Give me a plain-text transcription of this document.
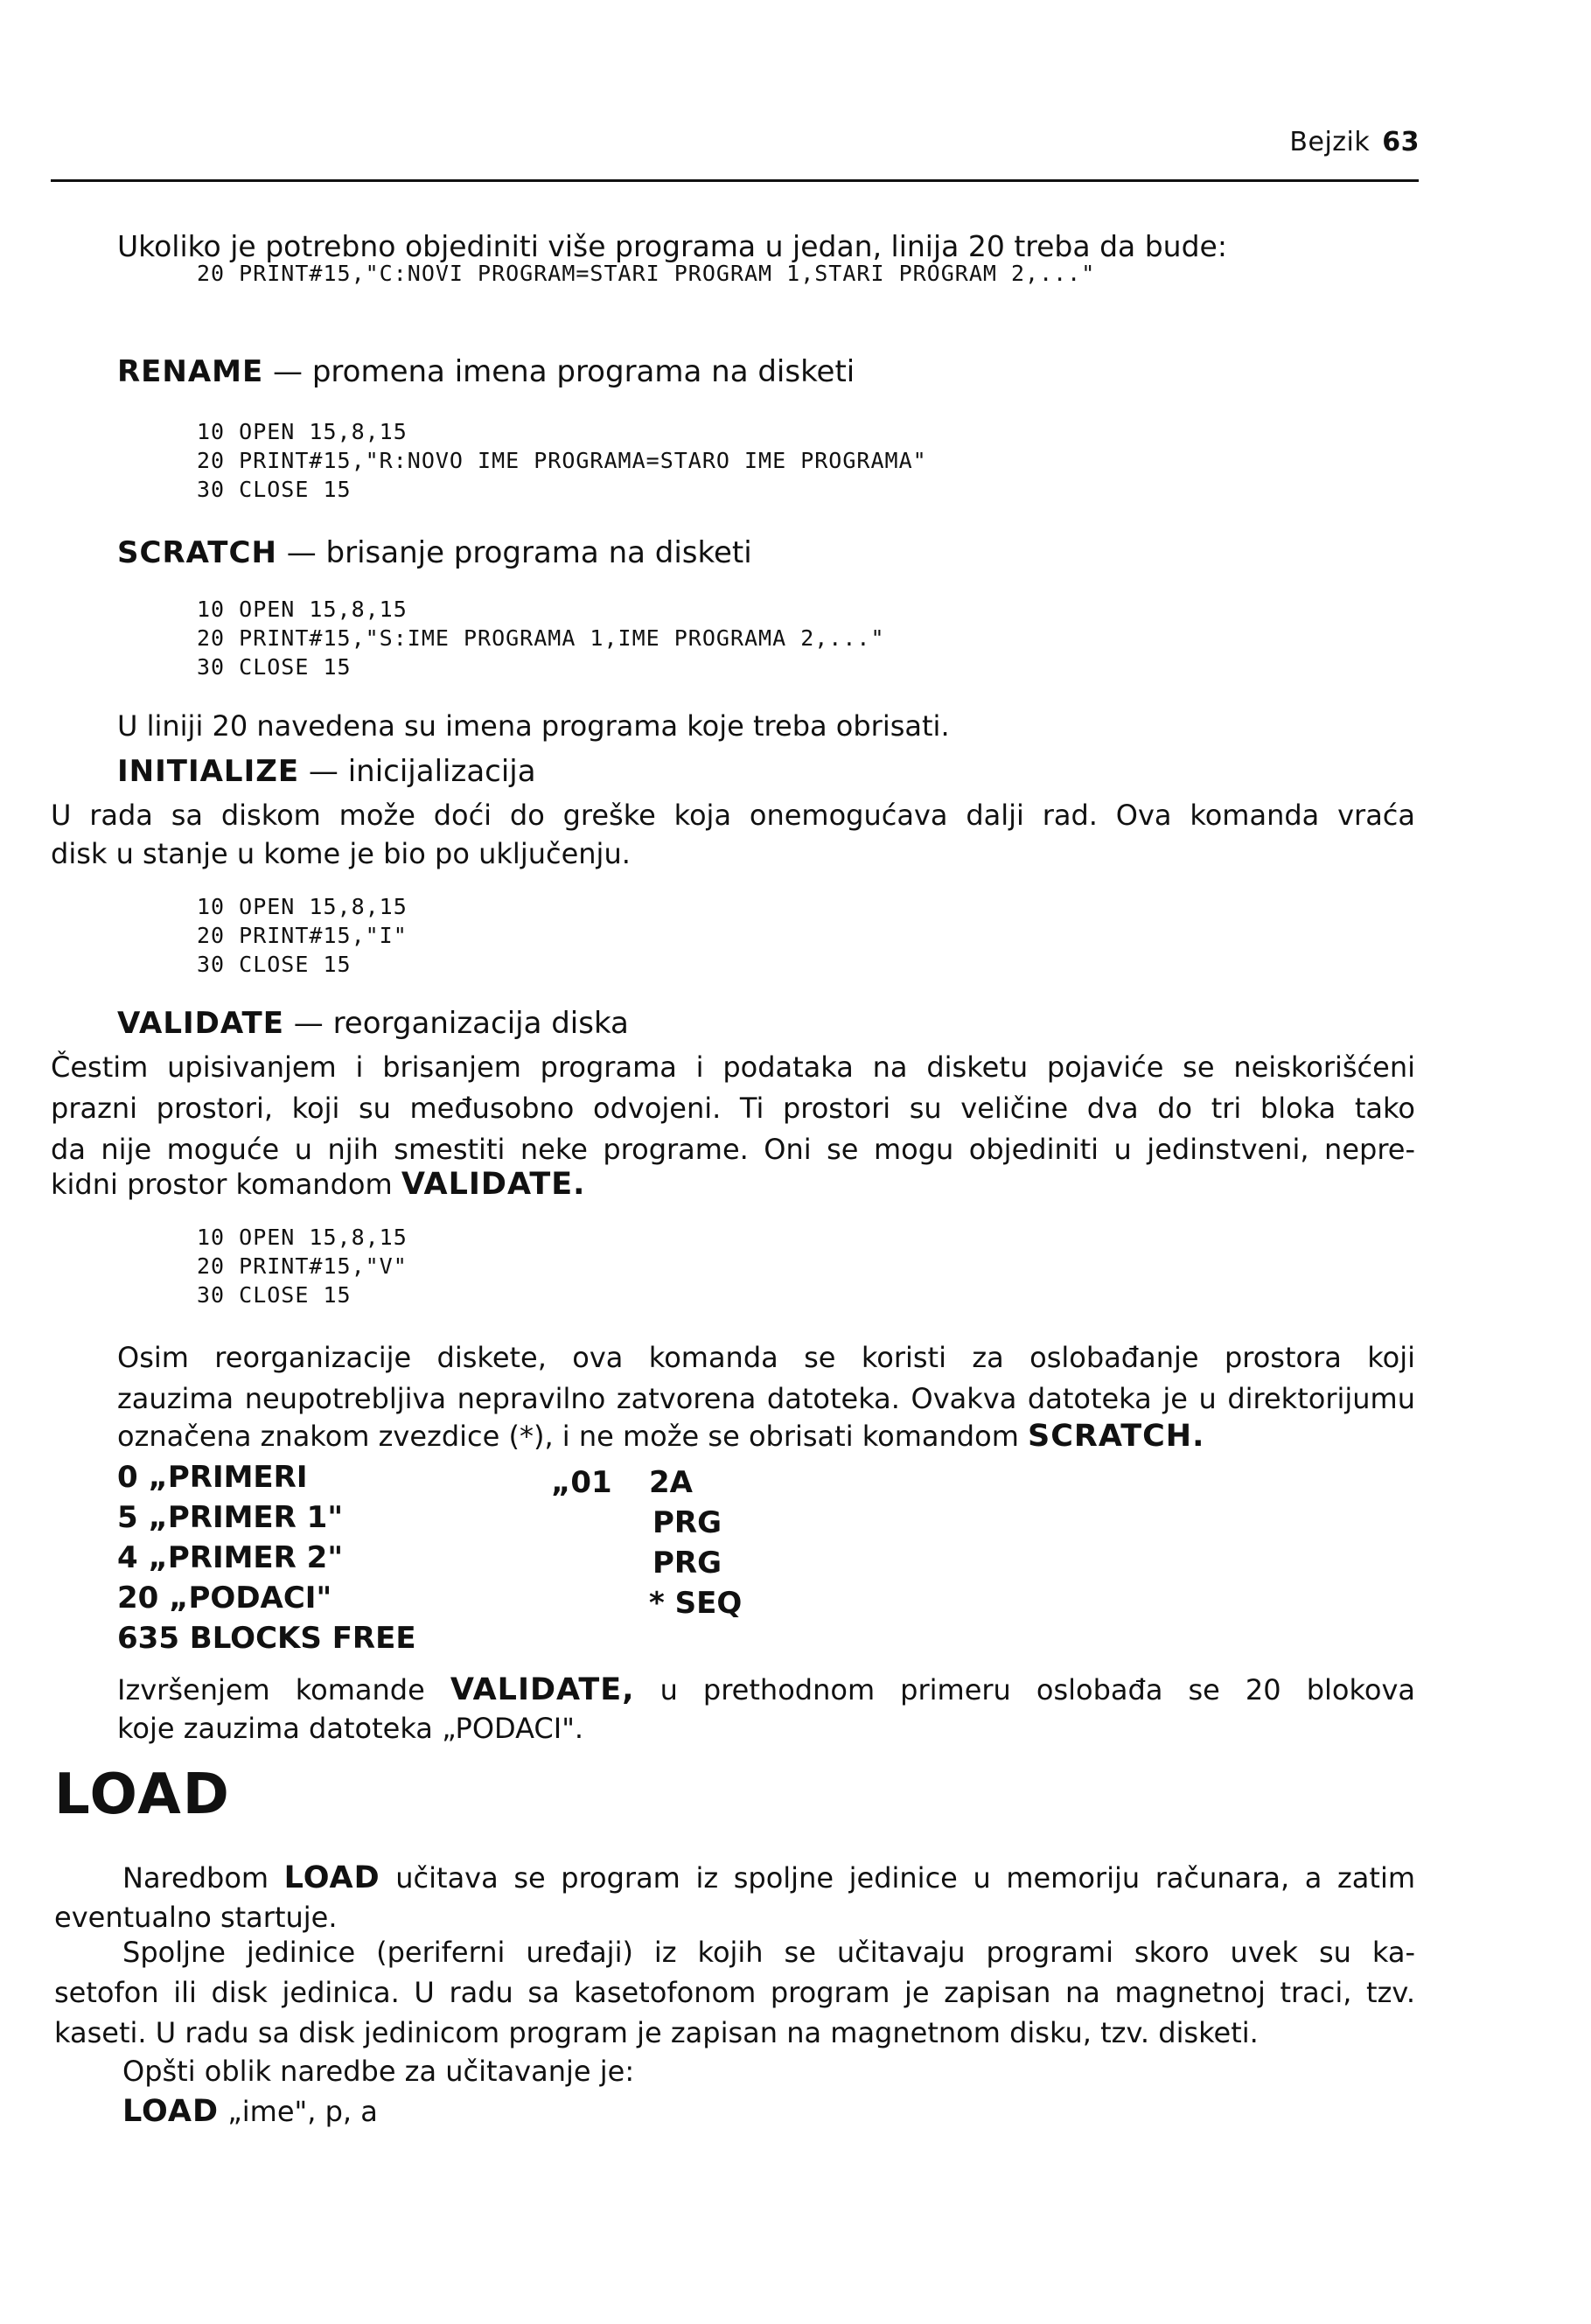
Bejzik 63
Ukoliko je potrebno objediniti više programa u jedan, linija 20 treba da bude:
20 PRINT#15,"C:NOVI PROGRAM=STARI PROGRAM 1,STARI PROGRAM 2,..."
RENAME — promena imena programa na disketi
10 OPEN 15,8,15
20 PRINT#15,"R:NOVO IME PROGRAMA=STARO IME PROGRAMA"
30 CLOSE 15
SCRATCH — brisanje programa na disketi
10 OPEN 15,8,15
20 PRINT#15,"S:IME PROGRAMA 1,IME PROGRAMA 2,..."
30 CLOSE 15
U liniji 20 navedena su imena programa koje treba obrisati.
INITIALIZE — inicijalizacija
U rada sa diskom može doći do greške koja onemogućava dalji rad. Ova komanda vraća
disk u stanje u kome je bio po uključenju.
10 OPEN 15,8,15
20 PRINT#15,"I"
30 CLOSE 15
VALIDATE — reorganizacija diska
Čestim upisivanjem i brisanjem programa i podataka na disketu pojaviće se neiskorišćeni
prazni prostori, koji su međusobno odvojeni. Ti prostori su veličine dva do tri bloka tako
da nije moguće u njih smestiti neke programe. Oni se mogu objediniti u jedinstveni, nepre-
kidni prostor komandom VALIDATE.
10 OPEN 15,8,15
20 PRINT#15,"V"
30 CLOSE 15
Osim reorganizacije diskete, ova komanda se koristi za oslobađanje prostora koji
zauzima neupotrebljiva nepravilno zatvorena datoteka. Ovakva datoteka je u direktorijumu
označena znakom zvezdice (*), i ne može se obrisati komandom SCRATCH.
0 „PRIMERI	„01 2A
5 „PRIMER 1"	PRG
4 „PRIMER 2"	PRG
20 „PODACI"	* SEQ
635 BLOCKS FREE
Izvršenjem komande VALIDATE, u prethodnom primeru oslobađa se 20 blokova
koje zauzima datoteka „PODACI".
LOAD
Naredbom LOAD učitava se program iz spoljne jedinice u memoriju računara, a zatim
eventualno startuje.
Spoljne jedinice (periferni uređaji) iz kojih se učitavaju programi skoro uvek su ka-
setofon ili disk jedinica. U radu sa kasetofonom program je zapisan na magnetnoj traci, tzv.
kaseti. U radu sa disk jedinicom program je zapisan na magnetnom disku, tzv. disketi.
Opšti oblik naredbe za učitavanje je:
LOAD „ime", p, a
